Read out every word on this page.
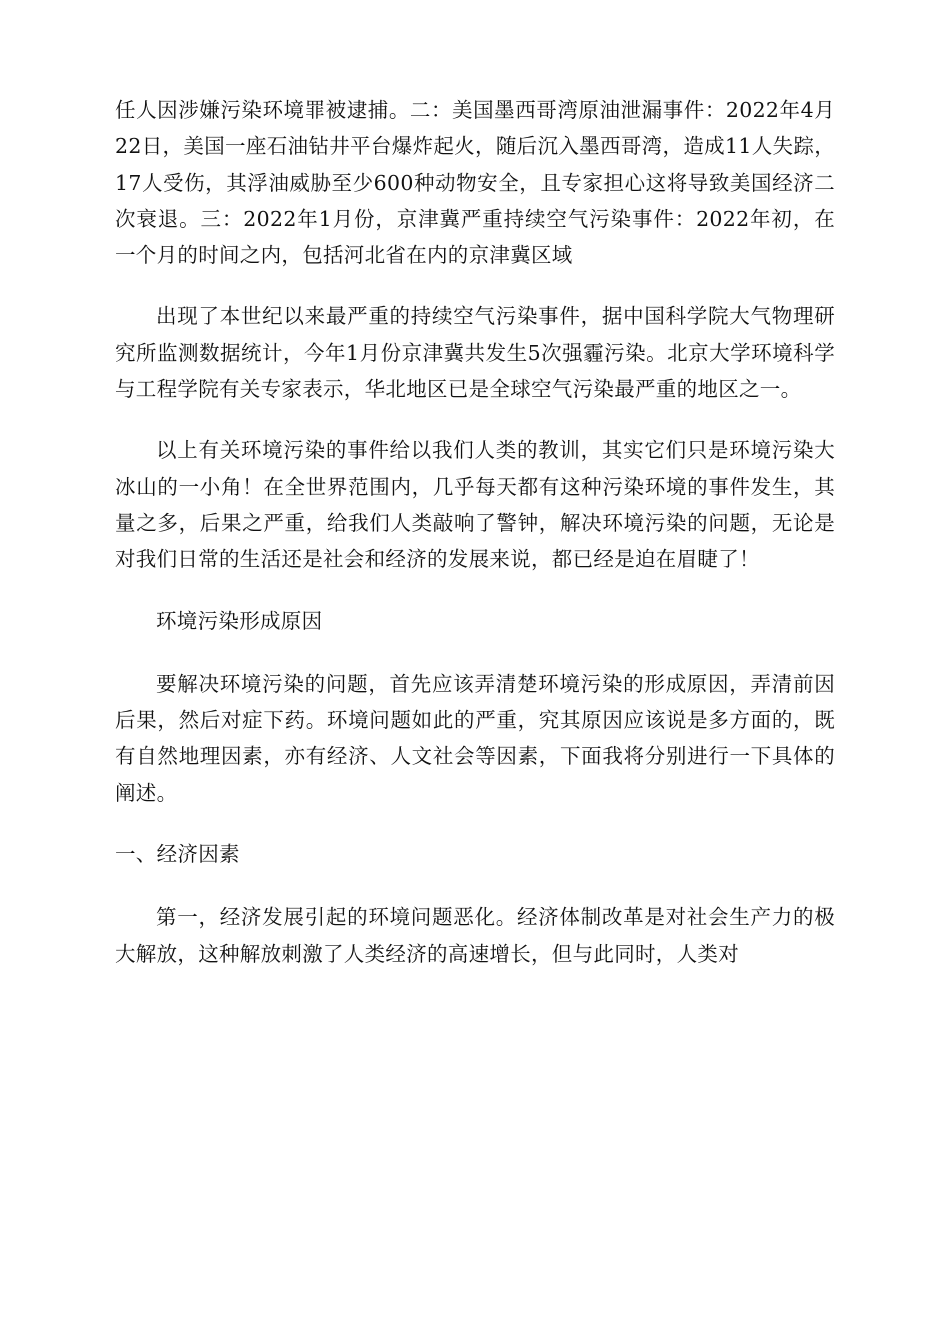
任人因涉嫌污染环境罪被逮捕。二：美国墨西哥湾原油泄漏事件：2022年4月22日，美国一座石油钻井平台爆炸起火，随后沉入墨西哥湾，造成11人失踪，17人受伤，其浮油威胁至少600种动物安全，且专家担心这将导致美国经济二次衰退。三：2022年1月份，京津冀严重持续空气污染事件：2022年初，在一个月的时间之内，包括河北省在内的京津冀区域

出现了本世纪以来最严重的持续空气污染事件，据中国科学院大气物理研究所监测数据统计，今年1月份京津冀共发生5次强霾污染。北京大学环境科学与工程学院有关专家表示，华北地区已是全球空气污染最严重的地区之一。

以上有关环境污染的事件给以我们人类的教训，其实它们只是环境污染大冰山的一小角！在全世界范围内，几乎每天都有这种污染环境的事件发生，其量之多，后果之严重，给我们人类敲响了警钟，解决环境污染的问题，无论是对我们日常的生活还是社会和经济的发展来说，都已经是迫在眉睫了！

环境污染形成原因

要解决环境污染的问题，首先应该弄清楚环境污染的形成原因，弄清前因后果，然后对症下药。环境问题如此的严重，究其原因应该说是多方面的，既有自然地理因素，亦有经济、人文社会等因素，下面我将分别进行一下具体的阐述。

一、经济因素

第一，经济发展引起的环境问题恶化。经济体制改革是对社会生产力的极大解放，这种解放刺激了人类经济的高速增长，但与此同时，人类对
